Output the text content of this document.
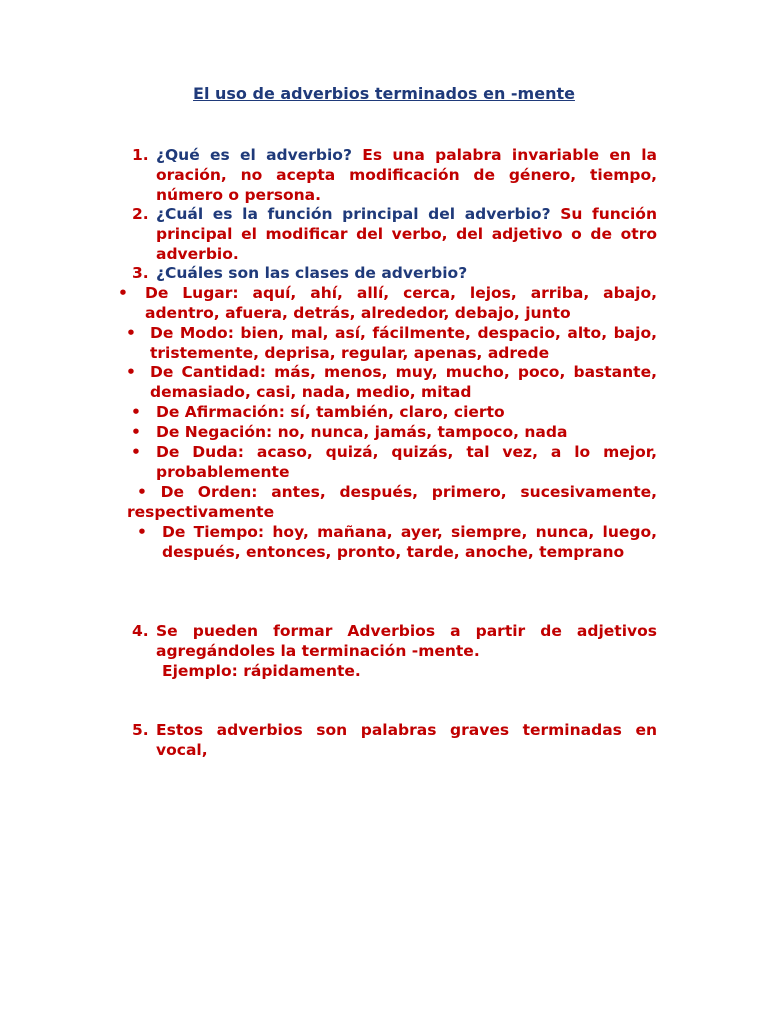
El uso de adverbios terminados en -mente
1. ¿Qué es el adverbio? Es una palabra invariable en la oración, no acepta modificación de género, tiempo, número o persona.
2. ¿Cuál es la función principal del adverbio? Su función principal el modificar del verbo, del adjetivo o de otro adverbio.
3. ¿Cuáles son las clases de adverbio?
• De Lugar: aquí, ahí, allí, cerca, lejos, arriba, abajo, adentro, afuera, detrás, alrededor, debajo, junto
• De Modo: bien, mal, así, fácilmente, despacio, alto, bajo, tristemente, deprisa, regular, apenas, adrede
• De Cantidad: más, menos, muy, mucho, poco, bastante, demasiado, casi, nada, medio, mitad
• De Afirmación: sí, también, claro, cierto
• De Negación: no, nunca, jamás, tampoco, nada
• De Duda: acaso, quizá, quizás, tal vez, a lo mejor, probablemente
• De Orden: antes, después, primero, sucesivamente, respectivamente
• De Tiempo: hoy, mañana, ayer, siempre, nunca, luego, después, entonces, pronto, tarde, anoche, temprano
4. Se pueden formar Adverbios a partir de adjetivos agregándoles la terminación -mente.
Ejemplo: rápidamente.
5. Estos adverbios son palabras graves terminadas en vocal,
